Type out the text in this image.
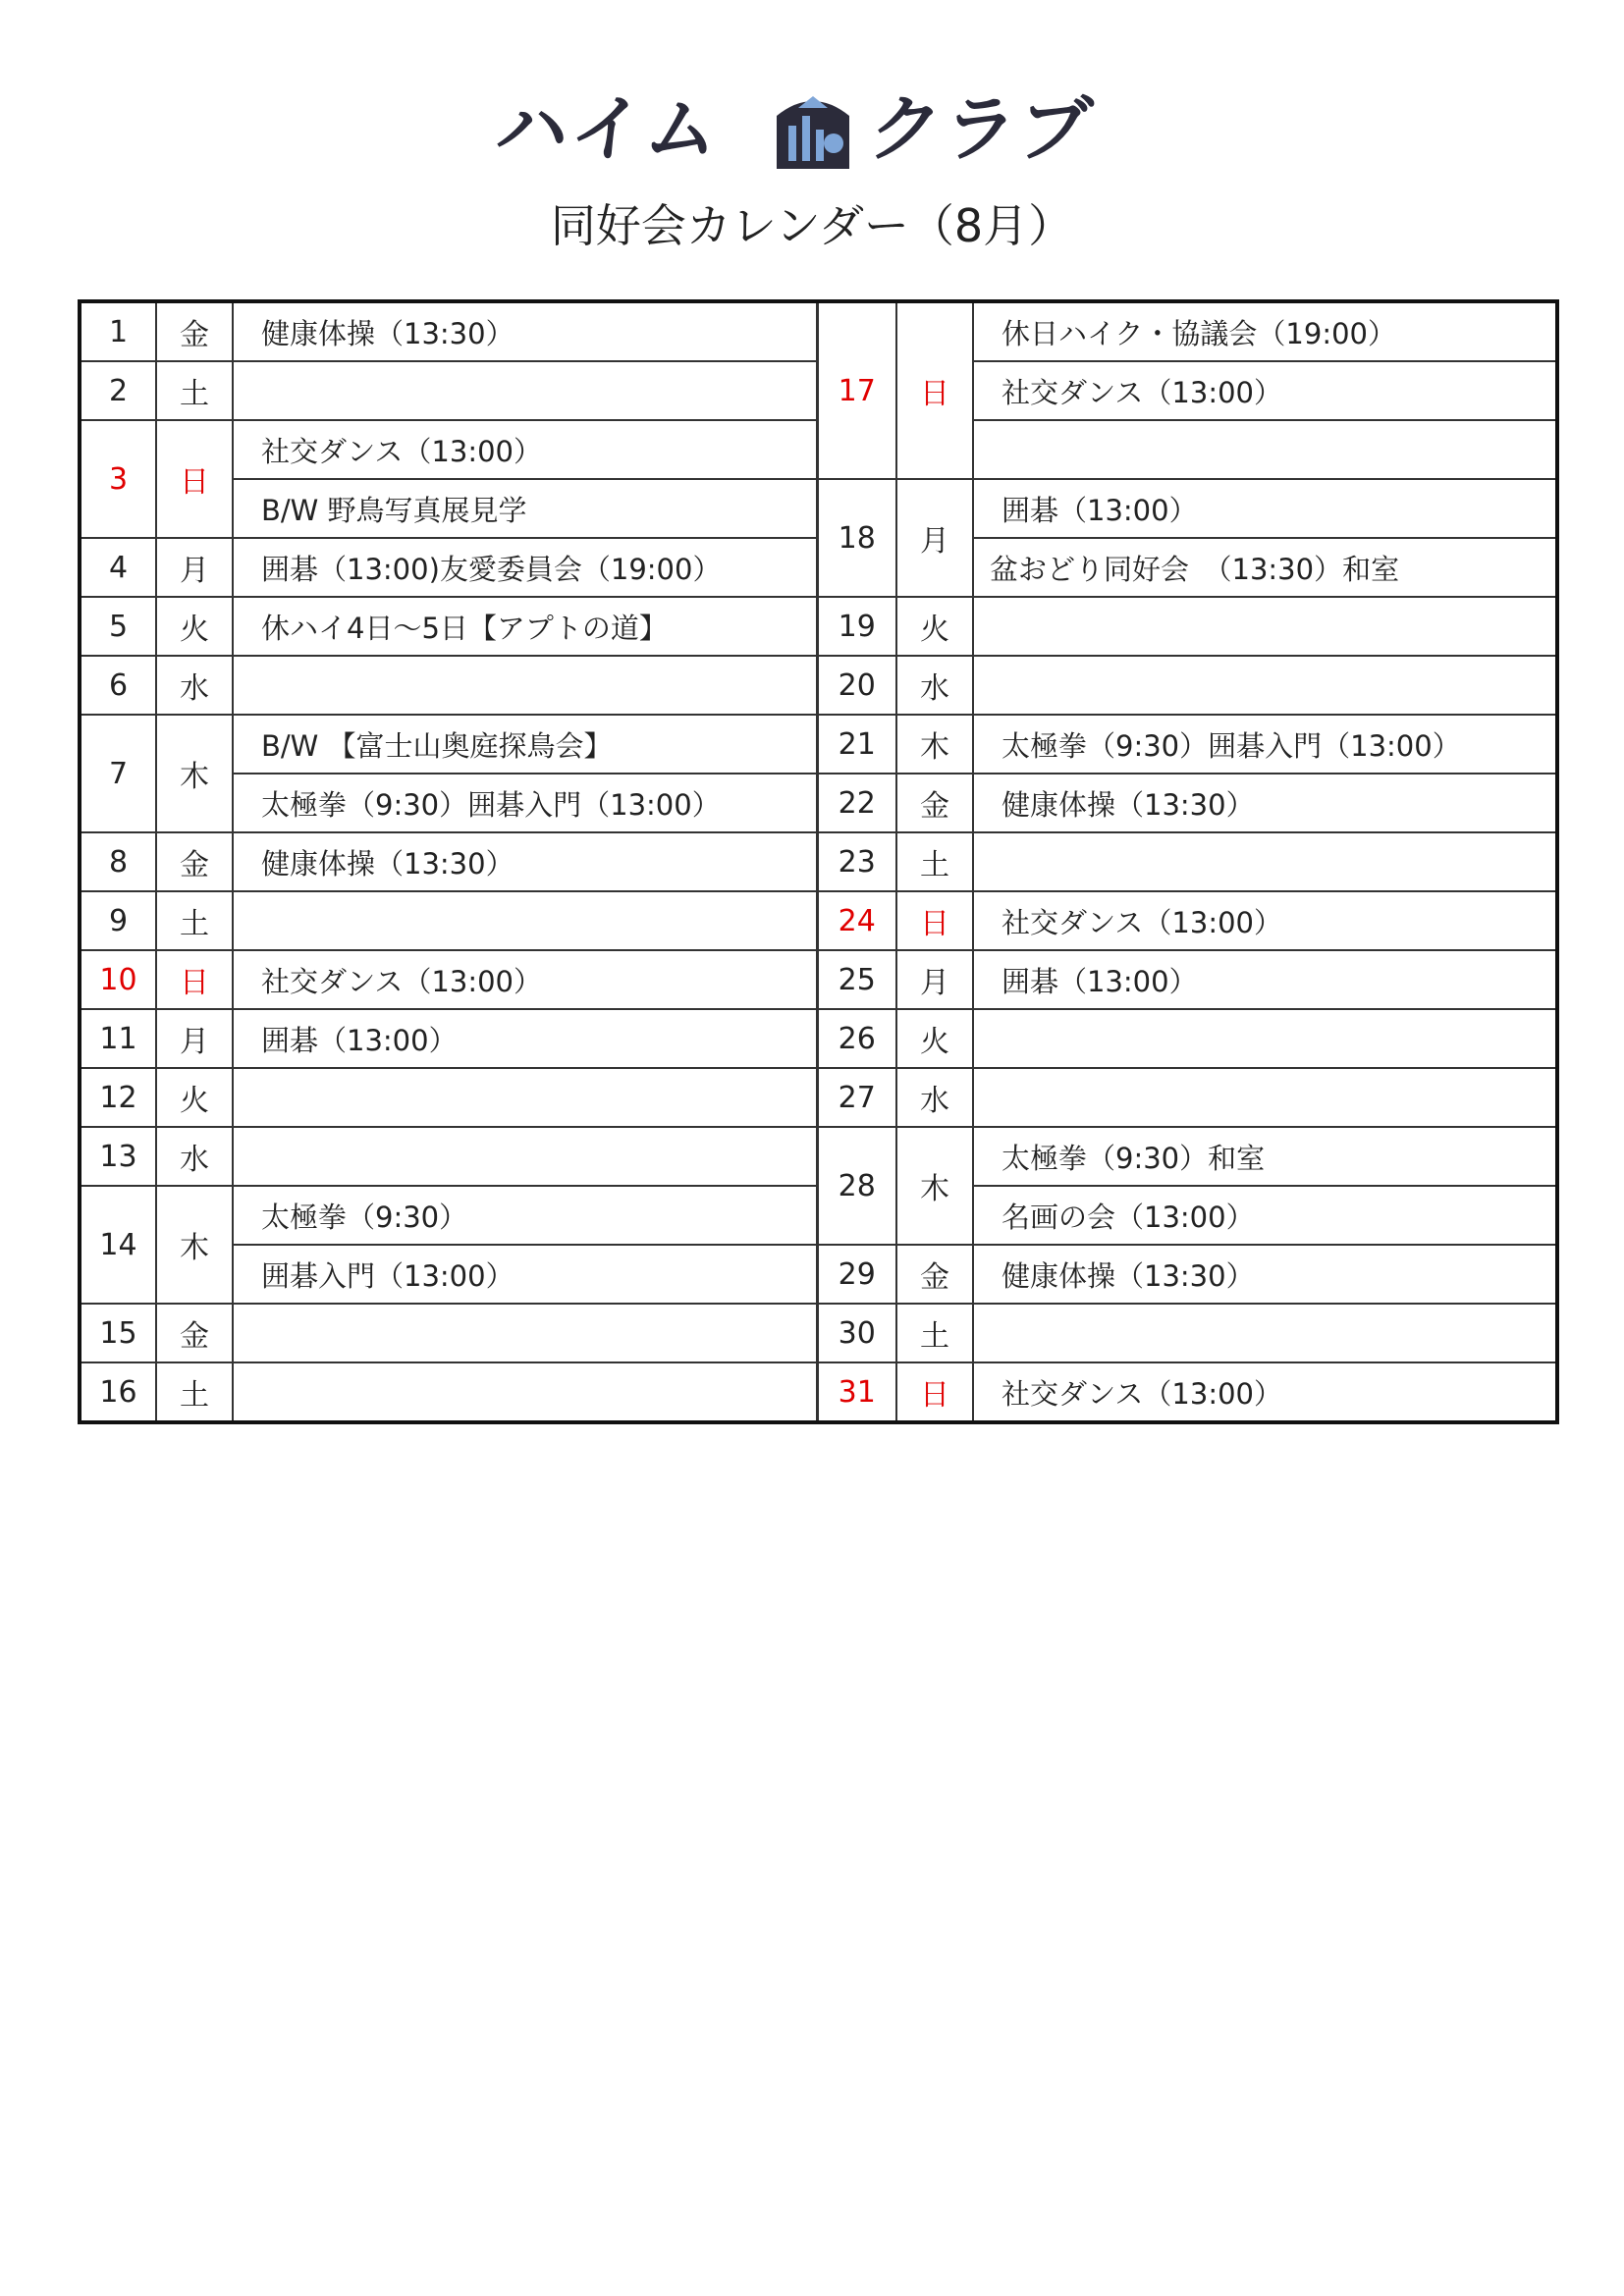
ハイム クラブ
同好会カレンダー（8月）
1	金	健康体操（13:30）	17	日	休日ハイク・協議会（19:00）
2	土				社交ダンス（13:00）
3	日	社交ダンス（13:00）			
		B/W 野鳥写真展見学	18	月	囲碁（13:00）
4	月	囲碁（13:00)友愛委員会（19:00）			盆おどり同好会　（13:30）和室
5	火	休ハイ4日～5日【アプトの道】	19	火	
6	水		20	水	
7	木	B/W 【富士山奥庭探鳥会】	21	木	太極拳（9:30）囲碁入門（13:00）
		太極拳（9:30）囲碁入門（13:00）	22	金	健康体操（13:30）
8	金	健康体操（13:30）	23	土	
9	土		24	日	社交ダンス（13:00）
10	日	社交ダンス（13:00）	25	月	囲碁（13:00）
11	月	囲碁（13:00）	26	火	
12	火		27	水	
13	水		28	木	太極拳（9:30）和室
14	木	太極拳（9:30）			名画の会（13:00）
		囲碁入門（13:00）	29	金	健康体操（13:30）
15	金		30	土	
16	土		31	日	社交ダンス（13:00）
